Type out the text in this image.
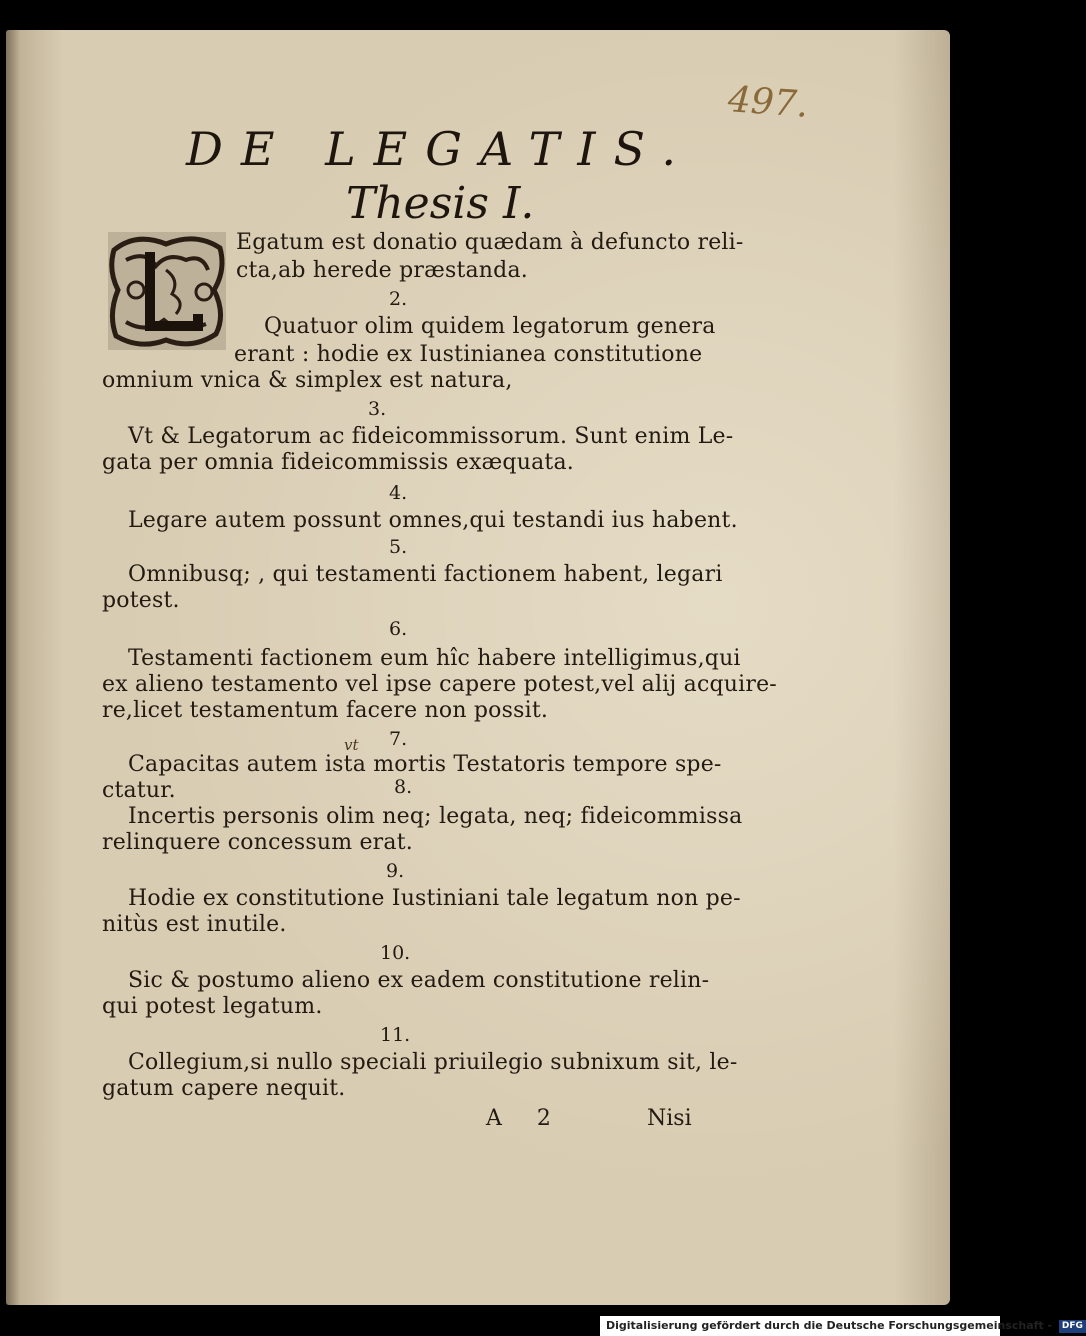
497.
DE LEGATIS.
Thesis I.
Egatum est donatio quædam à defuncto reli-
cta,ab herede præstanda.
2.
Quatuor olim quidem legatorum genera
erant : hodie ex Iustinianea constitutione
omnium vnica & simplex est natura,
3.
Vt & Legatorum ac fideicommissorum. Sunt enim Le-
gata per omnia fideicommissis exæquata.
4.
Legare autem possunt omnes,qui testandi ius habent.
5.
Omnibusq; , qui testamenti factionem habent, legari
potest.
6.
Testamenti factionem eum hîc habere intelligimus,qui
ex alieno testamento vel ipse capere potest,vel alij acquire-
re,licet testamentum facere non possit.
vt 7.
Capacitas autem ista mortis Testatoris tempore spe-
ctatur.	8.
Incertis personis olim neq; legata, neq; fideicommissa
relinquere concessum erat.
9.
Hodie ex constitutione Iustiniani tale legatum non pe-
nitùs est inutile.
10.
Sic & postumo alieno ex eadem constitutione relin-
qui potest legatum.
11.
Collegium,si nullo speciali priuilegio subnixum sit, le-
gatum capere nequit.
A 2	Nisi
Digitalisierung gefördert durch die Deutsche Forschungsgemeinschaft - DFG
